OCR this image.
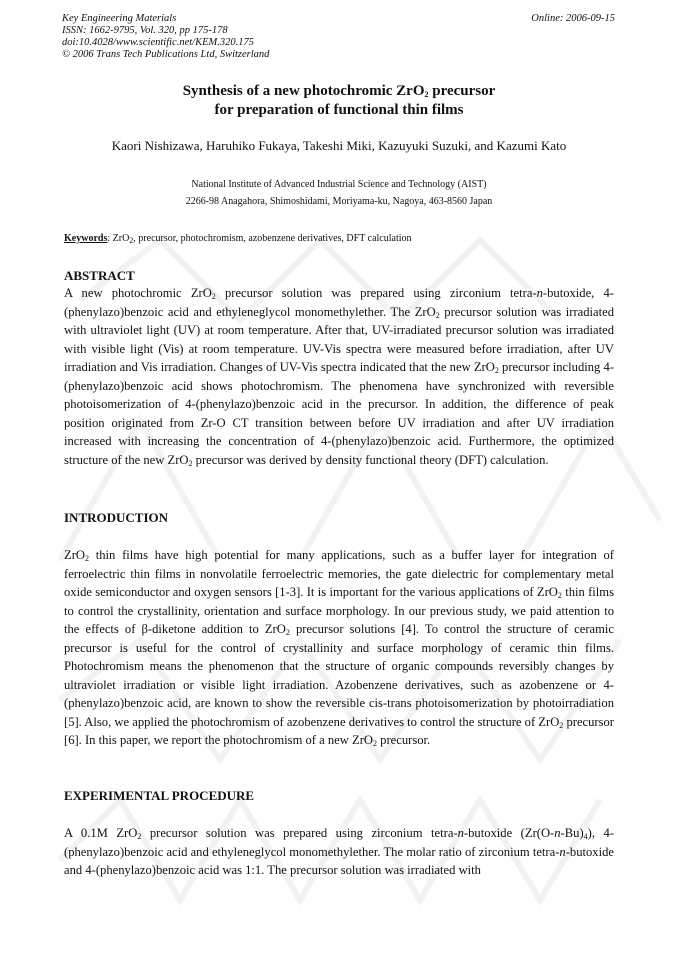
Key Engineering Materials
ISSN: 1662-9795, Vol. 320, pp 175-178
doi:10.4028/www.scientific.net/KEM.320.175
© 2006 Trans Tech Publications Ltd, Switzerland
Online: 2006-09-15
Synthesis of a new photochromic ZrO$_2$ precursor
for preparation of functional thin films
Kaori Nishizawa, Haruhiko Fukaya, Takeshi Miki, Kazuyuki Suzuki, and Kazumi Kato
National Institute of Advanced Industrial Science and Technology (AIST)
2266-98 Anagahora, Shimoshidami, Moriyama-ku, Nagoya, 463-8560 Japan
Keywords: ZrO$_2$, precursor, photochromism, azobenzene derivatives, DFT calculation
ABSTRACT

A new photochromic ZrO$_2$ precursor solution was prepared using zirconium tetra-n-butoxide, 4-(phenylazo)benzoic acid and ethyleneglycol monomethylether. The ZrO$_2$ precursor solution was irradiated with ultraviolet light (UV) at room temperature. After that, UV-irradiated precursor solution was irradiated with visible light (Vis) at room temperature. UV-Vis spectra were measured before irradiation, after UV irradiation and Vis irradiation. Changes of UV-Vis spectra indicated that the new ZrO$_2$ precursor including 4-(phenylazo)benzoic acid shows photochromism. The phenomena have synchronized with reversible photoisomerization of 4-(phenylazo)benzoic acid in the precursor. In addition, the difference of peak position originated from Zr-O CT transition between before UV irradiation and after UV irradiation increased with increasing the concentration of 4-(phenylazo)benzoic acid. Furthermore, the optimized structure of the new ZrO$_2$ precursor was derived by density functional theory (DFT) calculation.

INTRODUCTION

ZrO$_2$ thin films have high potential for many applications, such as a buffer layer for integration of ferroelectric thin films in nonvolatile ferroelectric memories, the gate dielectric for complementary metal oxide semiconductor and oxygen sensors [1-3]. It is important for the various applications of ZrO$_2$ thin films to control the crystallinity, orientation and surface morphology. In our previous study, we paid attention to the effects of β-diketone addition to ZrO$_2$ precursor solutions [4]. To control the structure of ceramic precursor is useful for the control of crystallinity and surface morphology of ceramic thin films. Photochromism means the phenomenon that the structure of organic compounds reversibly changes by ultraviolet irradiation or visible light irradiation. Azobenzene derivatives, such as azobenzene or 4-(phenylazo)benzoic acid, are known to show the reversible cis-trans photoisomerization by photoirradiation [5]. Also, we applied the photochromism of azobenzene derivatives to control the structure of ZrO$_2$ precursor [6]. In this paper, we report the photochromism of a new ZrO$_2$ precursor.

EXPERIMENTAL PROCEDURE

A 0.1M ZrO$_2$ precursor solution was prepared using zirconium tetra-n-butoxide $(Zr(O-n-Bu)_4)$, 4-(phenylazo)benzoic acid and ethyleneglycol monomethylether. The molar ratio of zirconium tetra-n-butoxide and 4-(phenylazo)benzoic acid was 1:1. The precursor solution was irradiated with
